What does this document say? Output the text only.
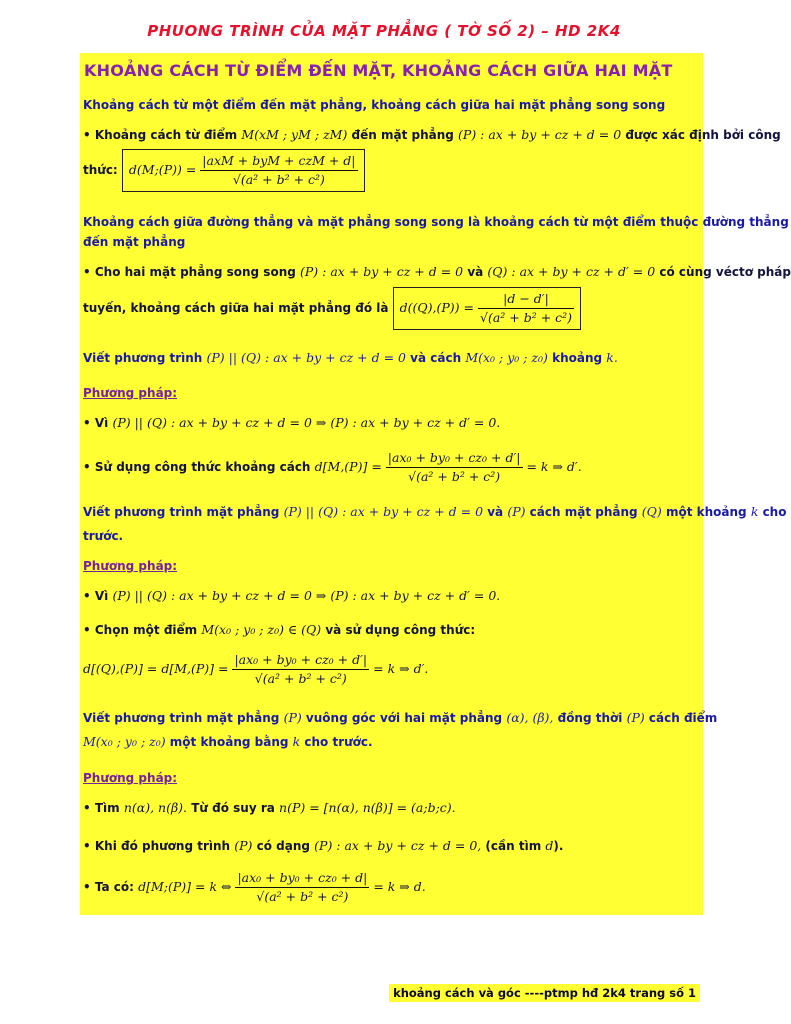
PHUONG TRÌNH CỦA MẶT PHẲNG ( TỜ SỐ 2) – HD 2K4
KHOẢNG CÁCH TỪ ĐIỂM ĐẾN MẶT, KHOẢNG CÁCH GIỮA HAI MẶT
Khoảng cách từ một điểm đến mặt phẳng, khoảng cách giữa hai mặt phẳng song song
• Khoảng cách từ điểm M(xM ; yM ; zM) đến mặt phẳng (P) : ax + by + cz + d = 0 được xác định bởi công
thức: d(M;(P)) = $\frac{\text{|axM + byM + czM + d|}}{\text{√(a² + b² + c²)}}$
Khoảng cách giữa đường thẳng và mặt phẳng song song là khoảng cách từ một điểm thuộc đường thẳng
đến mặt phẳng
• Cho hai mặt phẳng song song (P) : ax + by + cz + d = 0 và (Q) : ax + by + cz + d′ = 0 có cùng véctơ pháp
tuyến, khoảng cách giữa hai mặt phẳng đó là $d((Q),(P)) = \frac{|d - d'|}{\text{√(a² + b² + c²)}}$
Viết phương trình (P) || (Q) : ax + by + cz + d = 0 và cách M(x₀ ; y₀ ; z₀) khoảng k.
Phương pháp:
• Vì (P) || (Q) : ax + by + cz + d = 0 ⇒ (P) : ax + by + cz + d′ = 0.
• Sử dụng công thức khoảng cách $d[M,(P)] = \frac{\text{|ax₀ + by₀ + cz₀ + d′|}}{\text{√(a² + b² + c²)}} = k$ ⇒ d′.
Viết phương trình mặt phẳng (P) || (Q) : ax + by + cz + d = 0 và (P) cách mặt phẳng (Q) một khoảng k cho
trước.
Phương pháp:
• Vì (P) || (Q) : ax + by + cz + d = 0 ⇒ (P) : ax + by + cz + d′ = 0.
• Chọn một điểm M(x₀ ; y₀ ; z₀) ∈ (Q) và sử dụng công thức:
$d[(Q),(P)] = d[M,(P)] = \frac{\text{|ax₀ + by₀ + cz₀ + d′|}}{\text{√(a² + b² + c²)}} = k$ ⇒ d′.
Viết phương trình mặt phẳng (P) vuông góc với hai mặt phẳng (α), (β), đồng thời (P) cách điểm
M(x₀ ; y₀ ; z₀) một khoảng bằng k cho trước.
Phương pháp:
• Tìm n(α), n(β). Từ đó suy ra n(P) = [n(α), n(β)] = (a;b;c).
• Khi đó phương trình (P) có dạng (P) : ax + by + cz + d = 0, (cần tìm d).
• Ta có: d[M;(P)] = k ⇔ $\frac{\text{|ax₀ + by₀ + cz₀ + d|}}{\text{√(a² + b² + c²)}} = k$ ⇒ d.
khoảng cách và góc ----ptmp hđ 2k4 trang số 1
